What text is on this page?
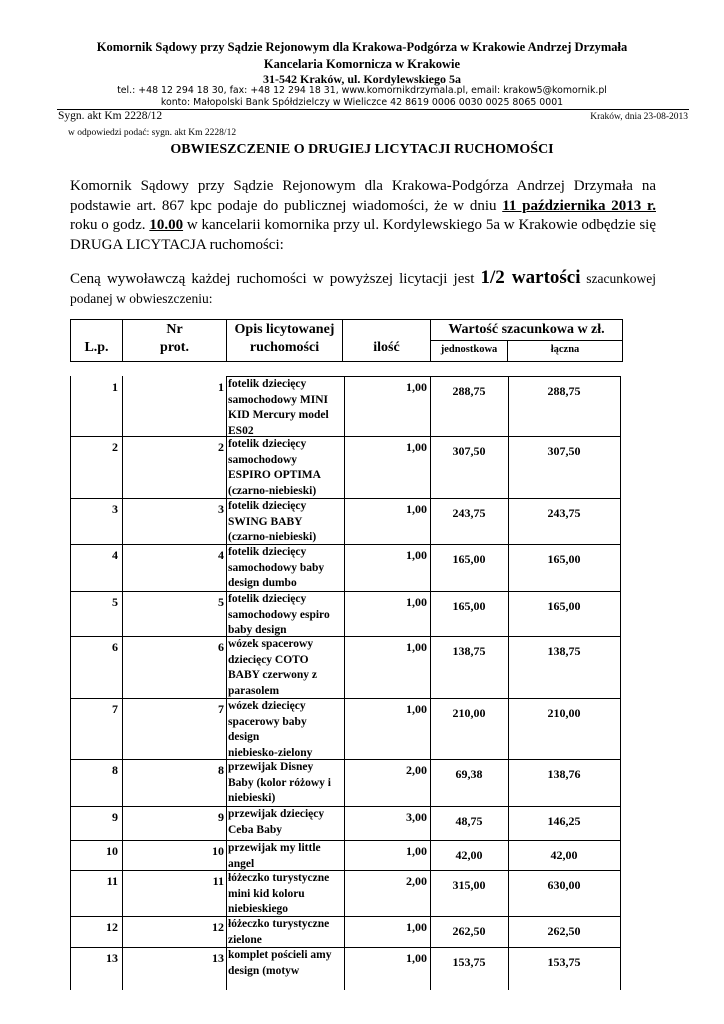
Komornik Sądowy przy Sądzie Rejonowym dla Krakowa-Podgórza w Krakowie Andrzej Drzymała
Kancelaria Komornicza w Krakowie
31-542 Kraków, ul. Kordylewskiego 5a
tel.: +48 12 294 18 30, fax: +48 12 294 18 31, www.komornikdrzymala.pl, email: krakow5@komornik.pl
konto: Małopolski Bank Spółdzielczy w Wieliczce 42 8619 0006 0030 0025 8065 0001
Sygn. akt Km 2228/12	Kraków, dnia 23-08-2013
w odpowiedzi podać: sygn. akt Km 2228/12
OBWIESZCZENIE O DRUGIEJ LICYTACJI RUCHOMOŚCI
Komornik Sądowy przy Sądzie Rejonowym dla Krakowa-Podgórza Andrzej Drzymała na podstawie art. 867 kpc podaje do publicznej wiadomości, że w dniu 11 października 2013 r. roku o godz. 10.00 w kancelarii komornika przy ul. Kordylewskiego 5a w Krakowie odbędzie się DRUGA LICYTACJA ruchomości:
Ceną wywoławczą każdej ruchomości w powyższej licytacji jest 1/2 wartości szacunkowej podanej w obwieszczeniu:
L.p.
Nr
prot.
Opis licytowanej
ruchomości	ilość
Wartość szacunkowa w zł.
jednostkowa	łączna
1	1 fotelik dziecięcy
samochodowy MINI
KID Mercury model
ES02
1,00	288,75	288,75
2	2 fotelik dziecięcy
samochodowy
ESPIRO OPTIMA
(czarno-niebieski)
1,00	307,50	307,50
3	3 fotelik dziecięcy
SWING BABY
(czarno-niebieski)
1,00	243,75	243,75
4	4 fotelik dziecięcy
samochodowy baby
design dumbo
1,00	165,00	165,00
5	5 fotelik dziecięcy
samochodowy espiro
baby design
1,00	165,00	165,00
6	6 wózek spacerowy
dziecięcy COTO
BABY czerwony z
parasolem
1,00	138,75	138,75
7	7 wózek dziecięcy
spacerowy baby
design
niebiesko-zielony
1,00	210,00	210,00
8	8 przewijak Disney
Baby (kolor różowy i
niebieski)
2,00	69,38	138,76
9	9 przewijak dziecięcy
Ceba Baby
3,00	48,75	146,25
10	10 przewijak my little
angel
1,00	42,00	42,00
11	11 łóżeczko turystyczne
mini kid koloru
niebieskiego
2,00	315,00	630,00
12	12 łóżeczko turystyczne
zielone
1,00	262,50	262,50
13	13 komplet pościeli amy
design (motyw
1,00	153,75	153,75
